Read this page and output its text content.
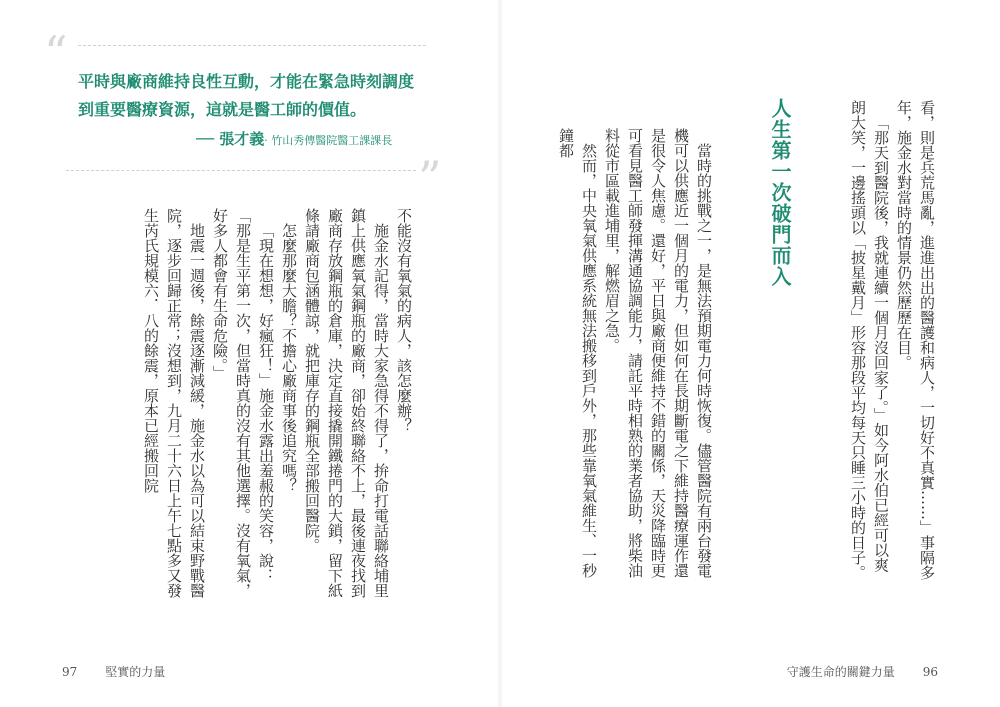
“

平時與廠商維持良性互動，才能在緊急時刻調度
到重要醫療資源，這就是醫工師的價值。

── 張才義· 竹山秀傳醫院醫工課課長
”

不能沒有氧氣的病人，該怎麼辦？

施金水記得，當時大家急得不得了，拚命打電話聯絡埔里鎮上供應氧氣鋼瓶的廠商，卻始終聯絡不上，最後連夜找到廠商存放鋼瓶的倉庫，決定直接撬開鐵捲門的大鎖，留下紙條請廠商包涵體諒，就把庫存的鋼瓶全部搬回醫院。

怎麼那麼大膽？不擔心廠商事後追究嗎？

「現在想想，好瘋狂！」施金水露出羞赧的笑容，說：「那是生平第一次，但當時真的沒有其他選擇。沒有氧氣，好多人都會有生命危險。」

地震一週後，餘震逐漸減緩，施金水以為可以結束野戰醫院，逐步回歸正常；沒想到，九月二十六日上午七點多又發生芮氏規模六．八的餘震，原本已經搬回院	看，則是兵荒馬亂，進進出出的醫護和病人，一切好不真實……」事隔多年，施金水對當時的情景仍然歷歷在目。

「那天到醫院後，我就連續一個月沒回家了。」如今阿水伯已經可以爽朗大笑，一邊搖頭以「披星戴月」形容那段平均每天只睡三小時的日子。

人生第一次破門而入

當時的挑戰之一，是無法預期電力何時恢復。儘管醫院有兩台發電機可以供應近一個月的電力，但如何在長期斷電之下維持醫療運作還是很令人焦慮。還好，平日與廠商便維持不錯的關係，天災降臨時更可看見醫工師發揮溝通協調能力，請託平時相熟的業者協助，將柴油料從市區載進埔里，解燃眉之急。

然而，中央氧氣供應系統無法搬移到戶外，那些靠氧氣維生、一秒鐘都

97 堅實的力量	守護生命的關鍵力量 96
